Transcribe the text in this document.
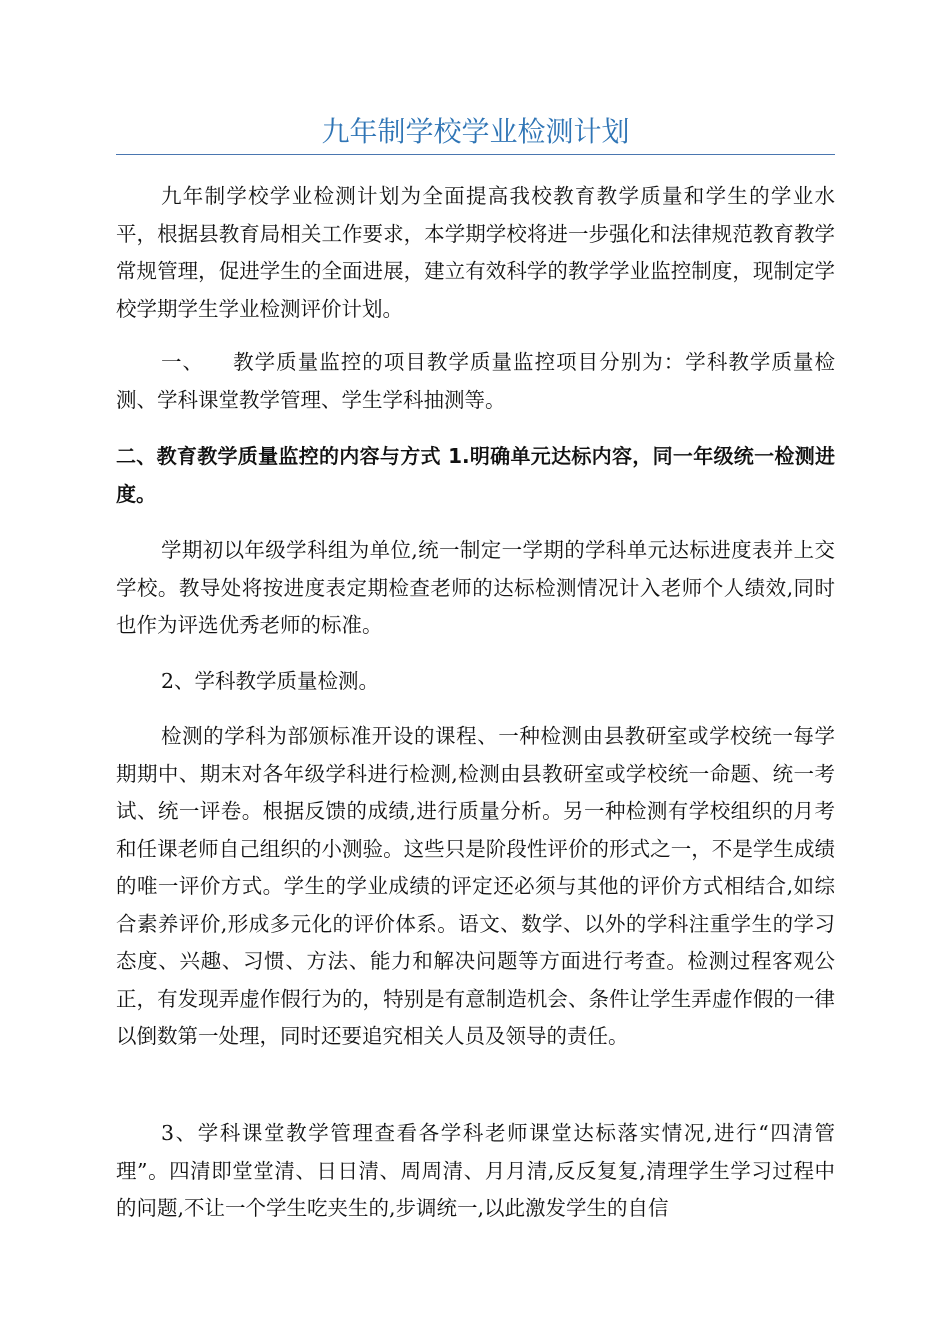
九年制学校学业检测计划

九年制学校学业检测计划为全面提高我校教育教学质量和学生的学业水平，根据县教育局相关工作要求，本学期学校将进一步强化和法律规范教育教学常规管理，促进学生的全面进展，建立有效科学的教学学业监控制度，现制定学校学期学生学业检测评价计划。

一、 教学质量监控的项目教学质量监控项目分别为：学科教学质量检测、学科课堂教学管理、学生学科抽测等。

二、教育教学质量监控的内容与方式 1.明确单元达标内容，同一年级统一检测进度。

学期初以年级学科组为单位,统一制定一学期的学科单元达标进度表并上交学校。教导处将按进度表定期检查老师的达标检测情况计入老师个人绩效,同时也作为评选优秀老师的标准。

2、学科教学质量检测。

检测的学科为部颁标准开设的课程、一种检测由县教研室或学校统一每学期期中、期末对各年级学科进行检测,检测由县教研室或学校统一命题、统一考试、统一评卷。根据反馈的成绩,进行质量分析。另一种检测有学校组织的月考和任课老师自己组织的小测验。这些只是阶段性评价的形式之一，不是学生成绩的唯一评价方式。学生的学业成绩的评定还必须与其他的评价方式相结合,如综合素养评价,形成多元化的评价体系。语文、数学、以外的学科注重学生的学习态度、兴趣、习惯、方法、能力和解决问题等方面进行考查。检测过程客观公正，有发现弄虚作假行为的，特别是有意制造机会、条件让学生弄虚作假的一律以倒数第一处理，同时还要追究相关人员及领导的责任。

3、学科课堂教学管理查看各学科老师课堂达标落实情况,进行“四清管理”。四清即堂堂清、日日清、周周清、月月清,反反复复,清理学生学习过程中的问题,不让一个学生吃夹生的,步调统一,以此激发学生的自信
